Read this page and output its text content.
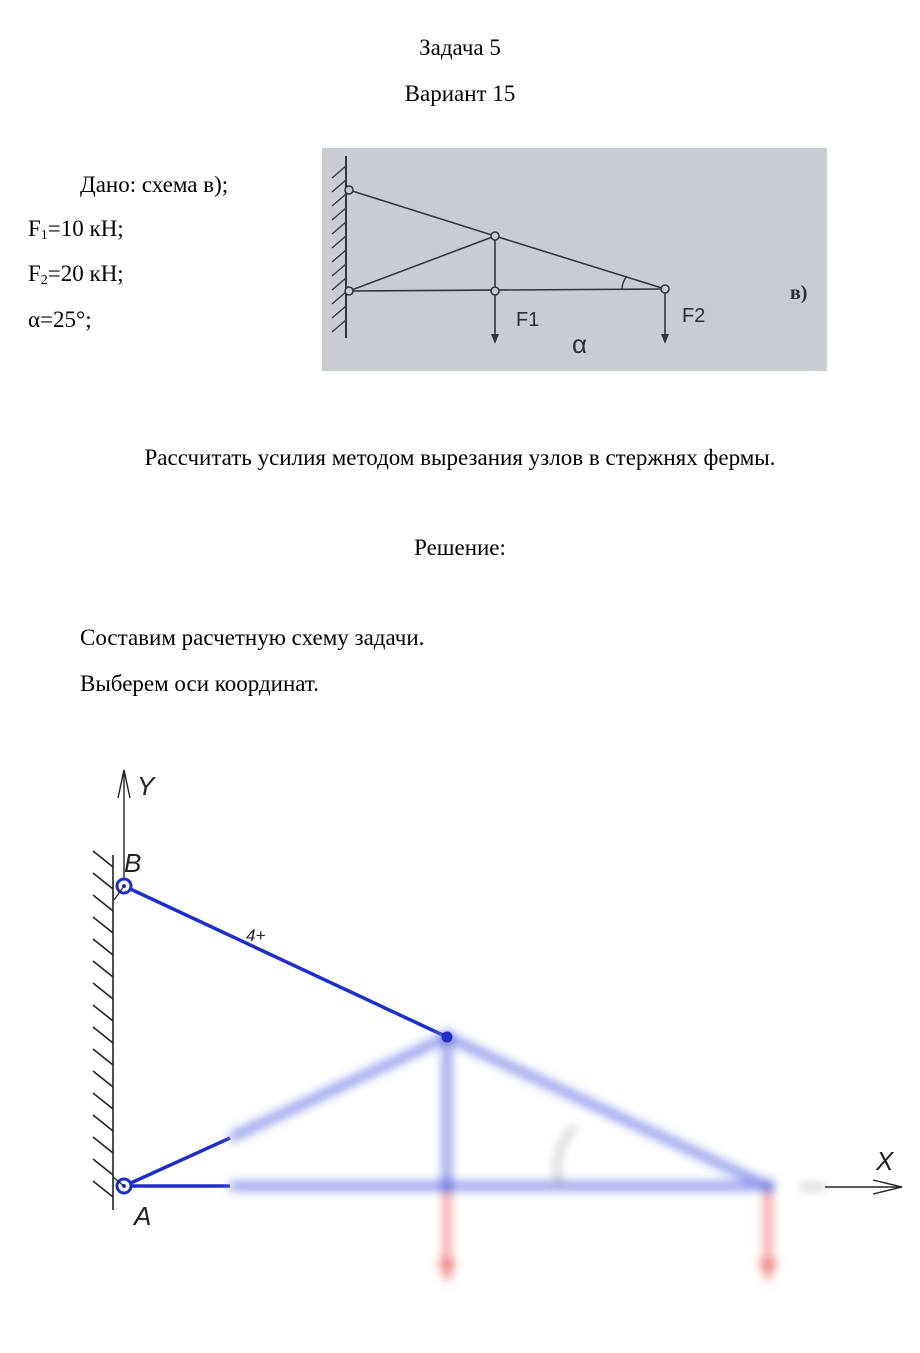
Задача 5
Вариант 15
Дано: схема в);
$F_1=10$ кН;
$F_2=20$ кН;
α=25°;	F1	F2
α
в)
Рассчитать усилия методом вырезания узлов в стержнях фермы.
Решение:
Составим расчетную схему задачи.
Выберем оси координат.
Y
X
4+
B
A
